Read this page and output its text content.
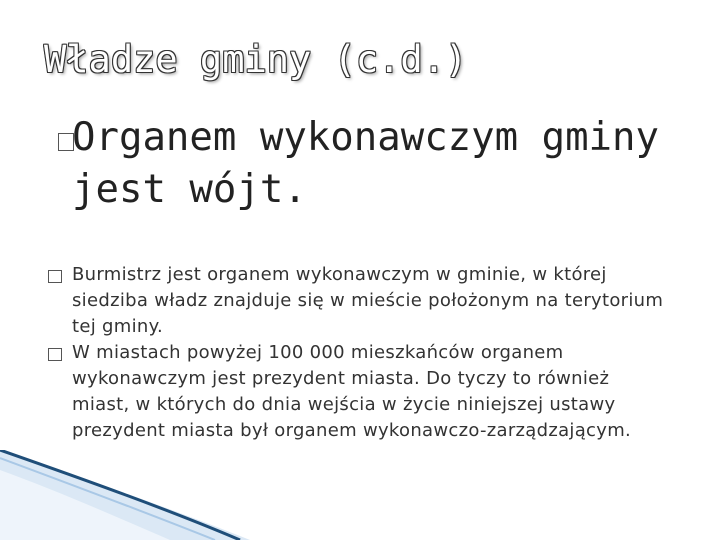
Władze gminy (c.d.)
Organem wykonawczym gminy jest wójt.
Burmistrz jest organem wykonawczym w gminie, w której siedziba władz znajduje się w mieście położonym na terytorium tej gminy.
W miastach powyżej 100 000 mieszkańców organem wykonawczym jest prezydent miasta. Do tyczy to również miast, w których do dnia wejścia w życie niniejszej ustawy prezydent miasta był organem wykonawczo-zarządzającym.
